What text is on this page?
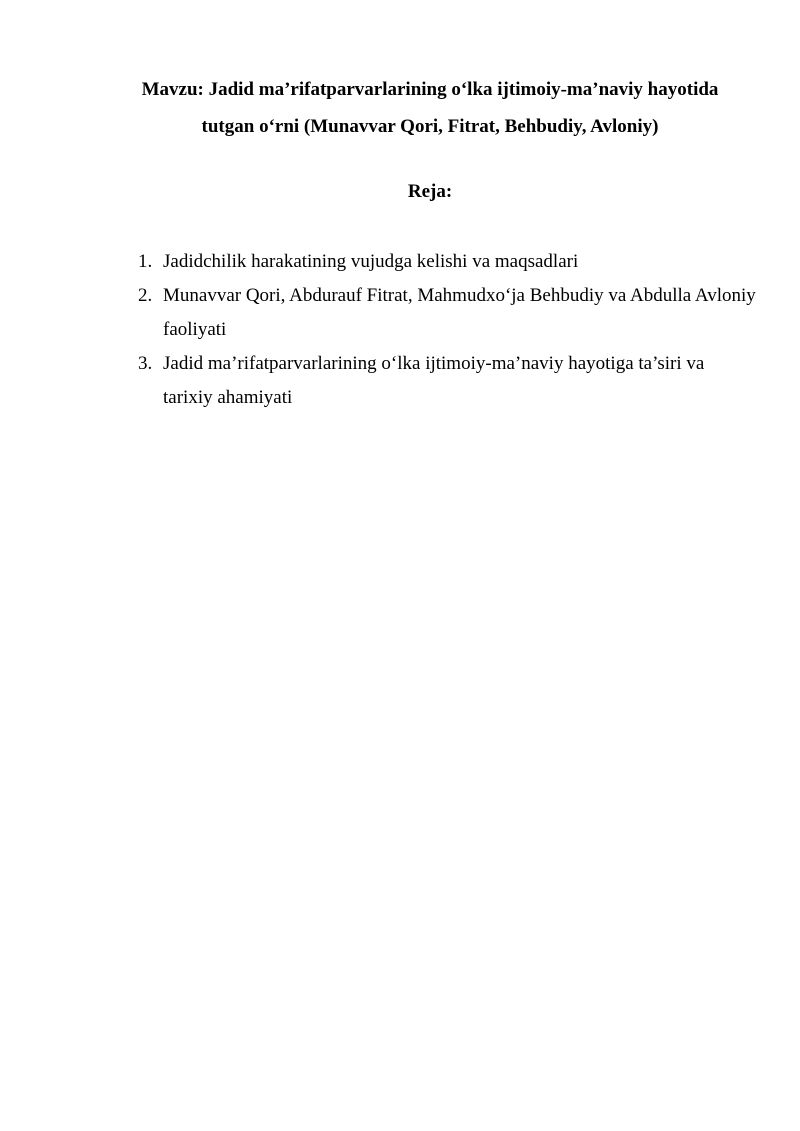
Mavzu: Jadid ma’rifatparvarlarining o‘lka ijtimoiy-ma’naviy hayotida
tutgan o‘rni (Munavvar Qori, Fitrat, Behbudiy, Avloniy)
Reja:
1. Jadidchilik harakatining vujudga kelishi va maqsadlari
2. Munavvar Qori, Abdurauf Fitrat, Mahmudxo‘ja Behbudiy va Abdulla Avloniy faoliyati
3. Jadid ma’rifatparvarlarining o‘lka ijtimoiy-ma’naviy hayotiga ta’siri va tarixiy ahamiyati
